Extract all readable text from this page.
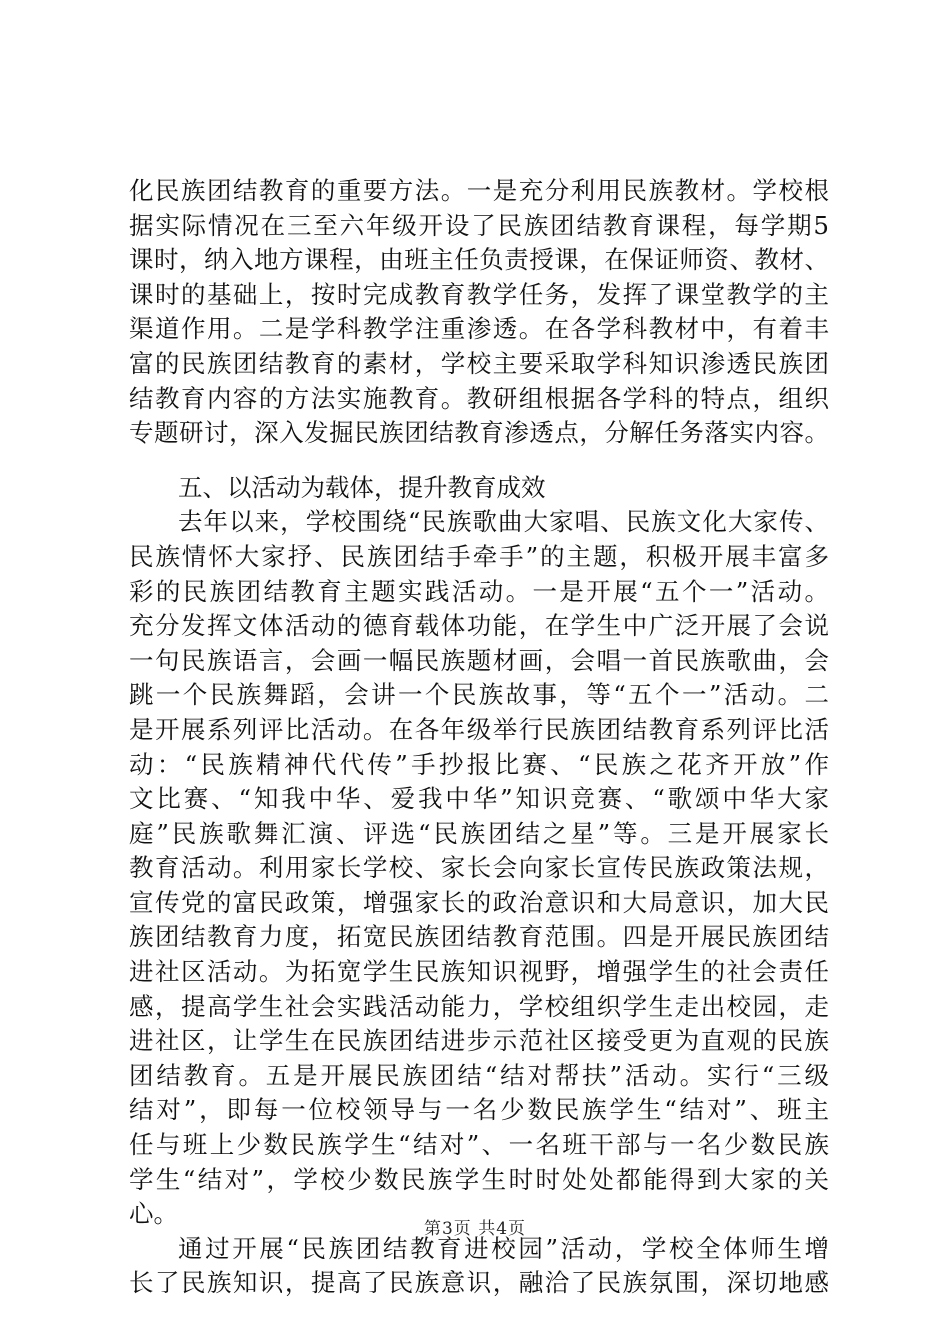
化民族团结教育的重要方法。一是充分利用民族教材。学校根
据实际情况在三至六年级开设了民族团结教育课程，每学期5
课时，纳入地方课程，由班主任负责授课，在保证师资、教材、
课时的基础上，按时完成教育教学任务，发挥了课堂教学的主
渠道作用。二是学科教学注重渗透。在各学科教材中，有着丰
富的民族团结教育的素材，学校主要采取学科知识渗透民族团
结教育内容的方法实施教育。教研组根据各学科的特点，组织
专题研讨，深入发掘民族团结教育渗透点，分解任务落实内容。
五、以活动为载体，提升教育成效
去年以来，学校围绕“民族歌曲大家唱、民族文化大家传、
民族情怀大家抒、民族团结手牵手”的主题，积极开展丰富多
彩的民族团结教育主题实践活动。一是开展“五个一”活动。
充分发挥文体活动的德育载体功能，在学生中广泛开展了会说
一句民族语言，会画一幅民族题材画，会唱一首民族歌曲，会
跳一个民族舞蹈，会讲一个民族故事，等“五个一”活动。二
是开展系列评比活动。在各年级举行民族团结教育系列评比活
动：“民族精神代代传”手抄报比赛、“民族之花齐开放”作
文比赛、“知我中华、爱我中华”知识竞赛、“歌颂中华大家
庭”民族歌舞汇演、评选“民族团结之星”等。三是开展家长
教育活动。利用家长学校、家长会向家长宣传民族政策法规，
宣传党的富民政策，增强家长的政治意识和大局意识，加大民
族团结教育力度，拓宽民族团结教育范围。四是开展民族团结
进社区活动。为拓宽学生民族知识视野，增强学生的社会责任
感，提高学生社会实践活动能力，学校组织学生走出校园，走
进社区，让学生在民族团结进步示范社区接受更为直观的民族
团结教育。五是开展民族团结“结对帮扶”活动。实行“三级
结对”，即每一位校领导与一名少数民族学生“结对”、班主
任与班上少数民族学生“结对”、一名班干部与一名少数民族
学生“结对”，学校少数民族学生时时处处都能得到大家的关
心。
通过开展“民族团结教育进校园”活动，学校全体师生增
长了民族知识，提高了民族意识，融洽了民族氛围，深切地感
第3页 共4页
